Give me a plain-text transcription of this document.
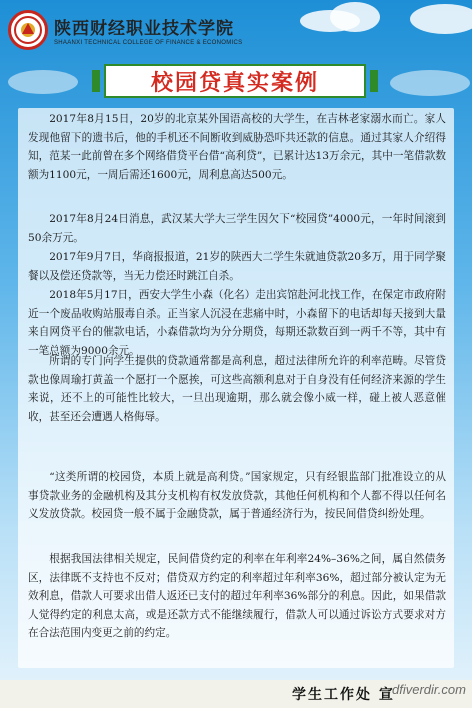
陕西财经职业技术学院
SHAANXI TECHNICAL COLLEGE OF FINANCE & ECONOMICS
校园贷真实案例

2017年8月15日，20岁的北京某外国语高校的大学生，在吉林老家溺水而亡。家人发现他留下的遗书后，他的手机还不间断收到威胁恐吓共还款的信息。通过其家人介绍得知，范某一此前曾在多个网络借贷平台借“高利贷”，已累计达13万余元，其中一笔借款数额为1100元，一周后需还1600元，周利息高达500元。

2017年8月24日消息，武汉某大学大三学生因欠下“校园贷”4000元，一年时间滚到50余万元。

2017年9月7日，华商报报道，21岁的陕西大二学生朱就迪贷款20多万，用于同学聚餐以及偿还贷款等，当无力偿还时跳江自杀。

2018年5月17日，西安大学生小森（化名）走出宾馆赴河北找工作，在保定市政府附近一个废品收购站服毒自杀。正当家人沉浸在悲痛中时，小森留下的电话却每天接到大量来自网贷平台的催款电话，小森借款均为分分期贷，每期还款数百到一两千不等，其中有一笔总额为9000余元。

所谓的专门向学生提供的贷款通常都是高利息，超过法律所允许的利率范畴。尽管贷款也像周瑜打黄盖一个愿打一个愿挨，可这些高额利息对于自身没有任何经济来源的学生来说，还不上的可能性比较大，一旦出现逾期，那么就会像小威一样，碰上被人恶意催收，甚至还会遭遇人格侮辱。

“这类所谓的校园贷，本质上就是高利贷。”国家规定，只有经银监部门批准设立的从事贷款业务的金融机构及其分支机构有权发放贷款，其他任何机构和个人都不得以任何名义发放贷款。校园贷一般不属于金融贷款，属于普通经济行为，按民间借贷纠纷处理。

根据我国法律相关规定，民间借贷约定的利率在年利率24%–36%之间，属自然债务区，法律既不支持也不反对；借贷双方约定的利率超过年利率36%，超过部分被认定为无效利息，借款人可要求出借人返还已支付的超过年利率36%部分的利息。因此，如果借款人觉得约定的利息太高，或是还款方式不能继续履行，借款人可以通过诉讼方式要求对方在合法范围内变更之前的约定。

学生工作处 宣
dfiverdir.com
